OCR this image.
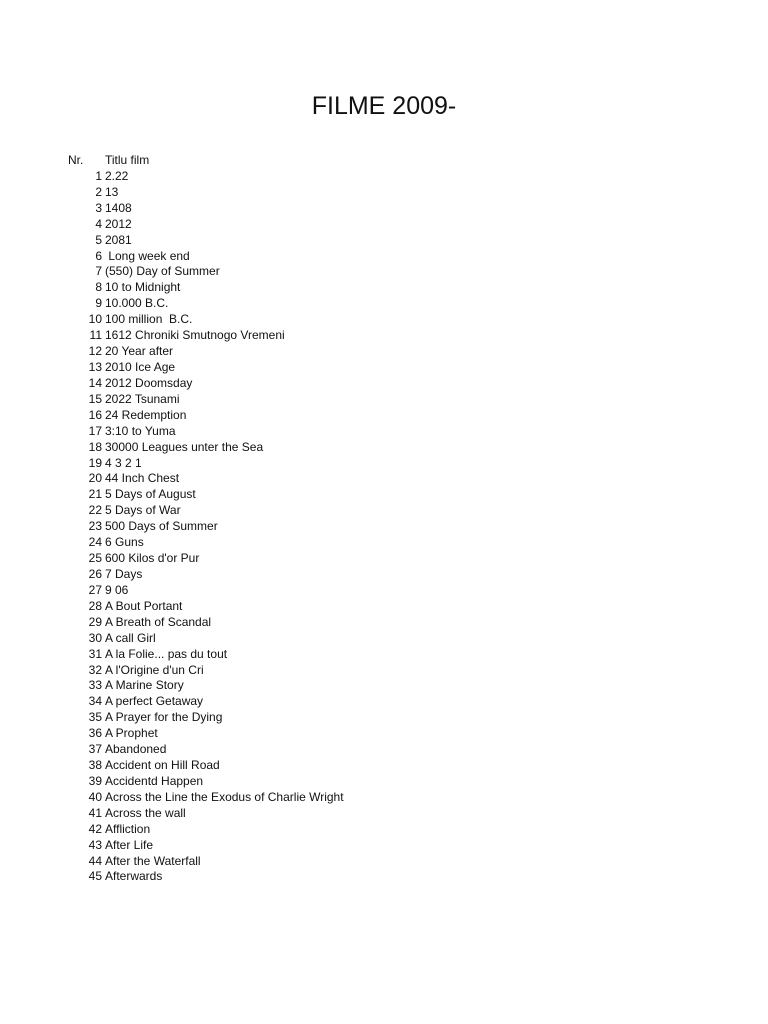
FILME 2009-

Nr.

Titlu film

1 2.22
2 13
3 1408
4 2012
5 2081
6 Long week end
7 (550) Day of Summer
8 10 to Midnight
9 10.000 B.C.
10 100 million  B.C.
11 1612 Chroniki Smutnogo Vremeni
12 20 Year after
13 2010 Ice Age
14 2012 Doomsday
15 2022 Tsunami
16 24 Redemption
17 3:10 to Yuma
18 30000 Leagues unter the Sea
19 4 3 2 1
20 44 Inch Chest
21 5 Days of August
22 5 Days of War
23 500 Days of Summer
24 6 Guns
25 600 Kilos d'or Pur
26 7 Days
27 9 06
28 A Bout Portant
29 A Breath of Scandal
30 A call Girl
31 A la Folie... pas du tout
32 A l'Origine d'un Cri
33 A Marine Story
34 A perfect Getaway
35 A Prayer for the Dying
36 A Prophet
37 Abandoned
38 Accident on Hill Road
39 Accidentd Happen
40 Across the Line the Exodus of Charlie Wright
41 Across the wall
42 Affliction
43 After Life
44 After the Waterfall
45 Afterwards
